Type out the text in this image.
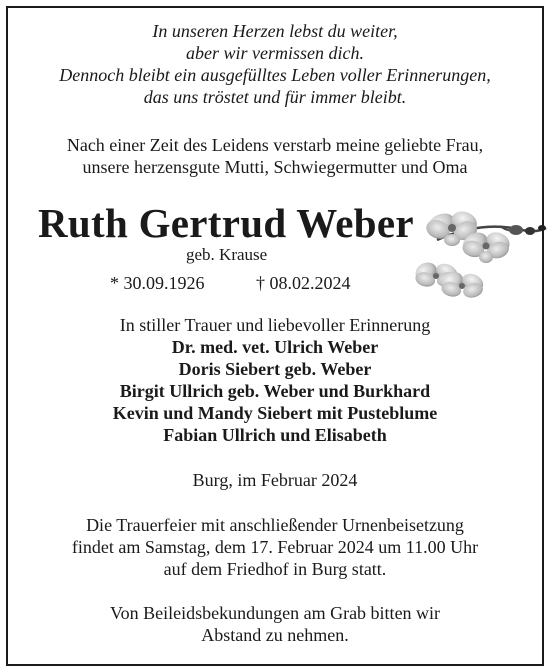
In unseren Herzen lebst du weiter,
aber wir vermissen dich.
Dennoch bleibt ein ausgefülltes Leben voller Erinnerungen,
das uns tröstet und für immer bleibt.
Nach einer Zeit des Leidens verstarb meine geliebte Frau,
unsere herzensgute Mutti, Schwiegermutter und Oma
Ruth Gertrud Weber
geb. Krause
* 30.09.1926	† 08.02.2024
In stiller Trauer und liebevoller Erinnerung
Dr. med. vet. Ulrich Weber
Doris Siebert geb. Weber
Birgit Ullrich geb. Weber und Burkhard
Kevin und Mandy Siebert mit Pusteblume
Fabian Ullrich und Elisabeth
Burg, im Februar 2024
Die Trauerfeier mit anschließender Urnenbeisetzung
findet am Samstag, dem 17. Februar 2024 um 11.00 Uhr
auf dem Friedhof in Burg statt.
Von Beileidsbekundungen am Grab bitten wir
Abstand zu nehmen.
